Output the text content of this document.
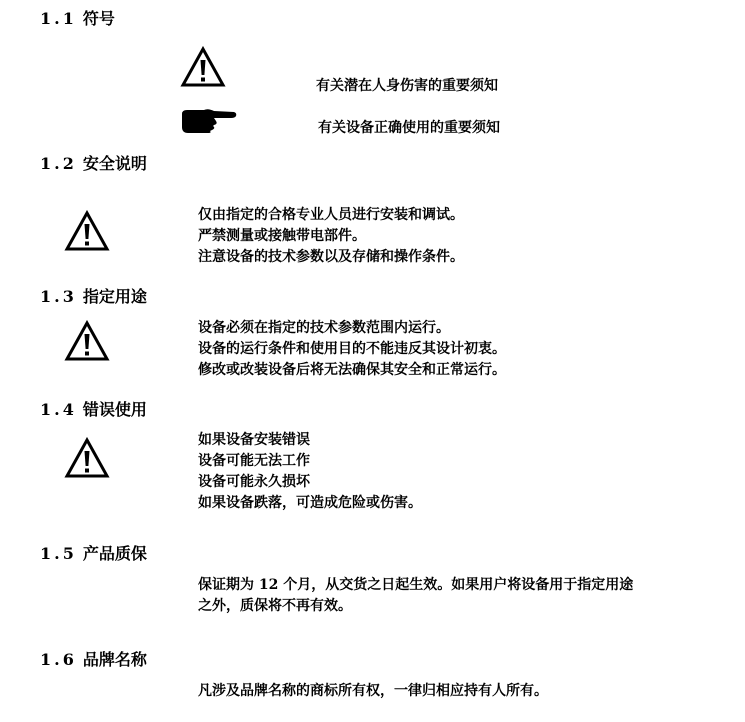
1.1 符号
有关潜在人身伤害的重要须知
有关设备正确使用的重要须知
1.2 安全说明
仅由指定的合格专业人员进行安装和调试。
严禁测量或接触带电部件。
注意设备的技术参数以及存储和操作条件。
1.3 指定用途
设备必须在指定的技术参数范围内运行。
设备的运行条件和使用目的不能违反其设计初衷。
修改或改装设备后将无法确保其安全和正常运行。
1.4 错误使用
如果设备安装错误
设备可能无法工作
设备可能永久损坏
如果设备跌落，可造成危险或伤害。
1.5 产品质保
保证期为 12 个月，从交货之日起生效。如果用户将设备用于指定用途
之外，质保将不再有效。
1.6 品牌名称
凡涉及品牌名称的商标所有权，一律归相应持有人所有。
